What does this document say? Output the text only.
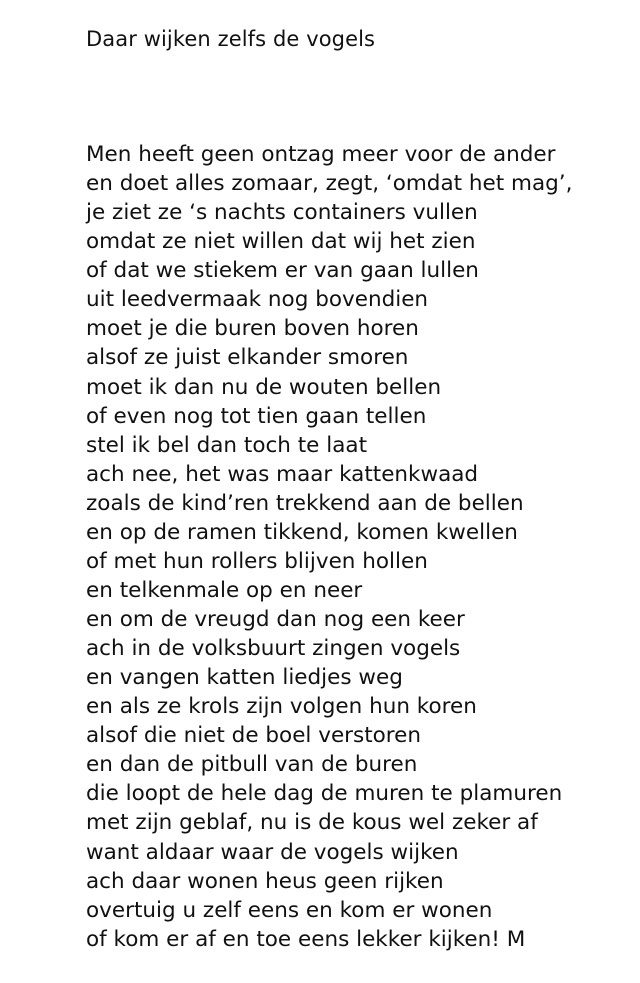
Daar wijken zelfs de vogels
Men heeft geen ontzag meer voor de ander
en doet alles zomaar, zegt, ‘omdat het mag’,
je ziet ze ‘s nachts containers vullen
omdat ze niet willen dat wij het zien
of dat we stiekem er van gaan lullen
uit leedvermaak nog bovendien
moet je die buren boven horen
alsof ze juist elkander smoren
moet ik dan nu de wouten bellen
of even nog tot tien gaan tellen
stel ik bel dan toch te laat
ach nee, het was maar kattenkwaad
zoals de kind’ren trekkend aan de bellen
en op de ramen tikkend, komen kwellen
of met hun rollers blijven hollen
en telkenmale op en neer
en om de vreugd dan nog een keer
ach in de volksbuurt zingen vogels
en vangen katten liedjes weg
en als ze krols zijn volgen hun koren
alsof die niet de boel verstoren
en dan de pitbull van de buren
die loopt de hele dag de muren te plamuren
met zijn geblaf, nu is de kous wel zeker af
want aldaar waar de vogels wijken
ach daar wonen heus geen rijken
overtuig u zelf eens en kom er wonen
of kom er af en toe eens lekker kijken! M
